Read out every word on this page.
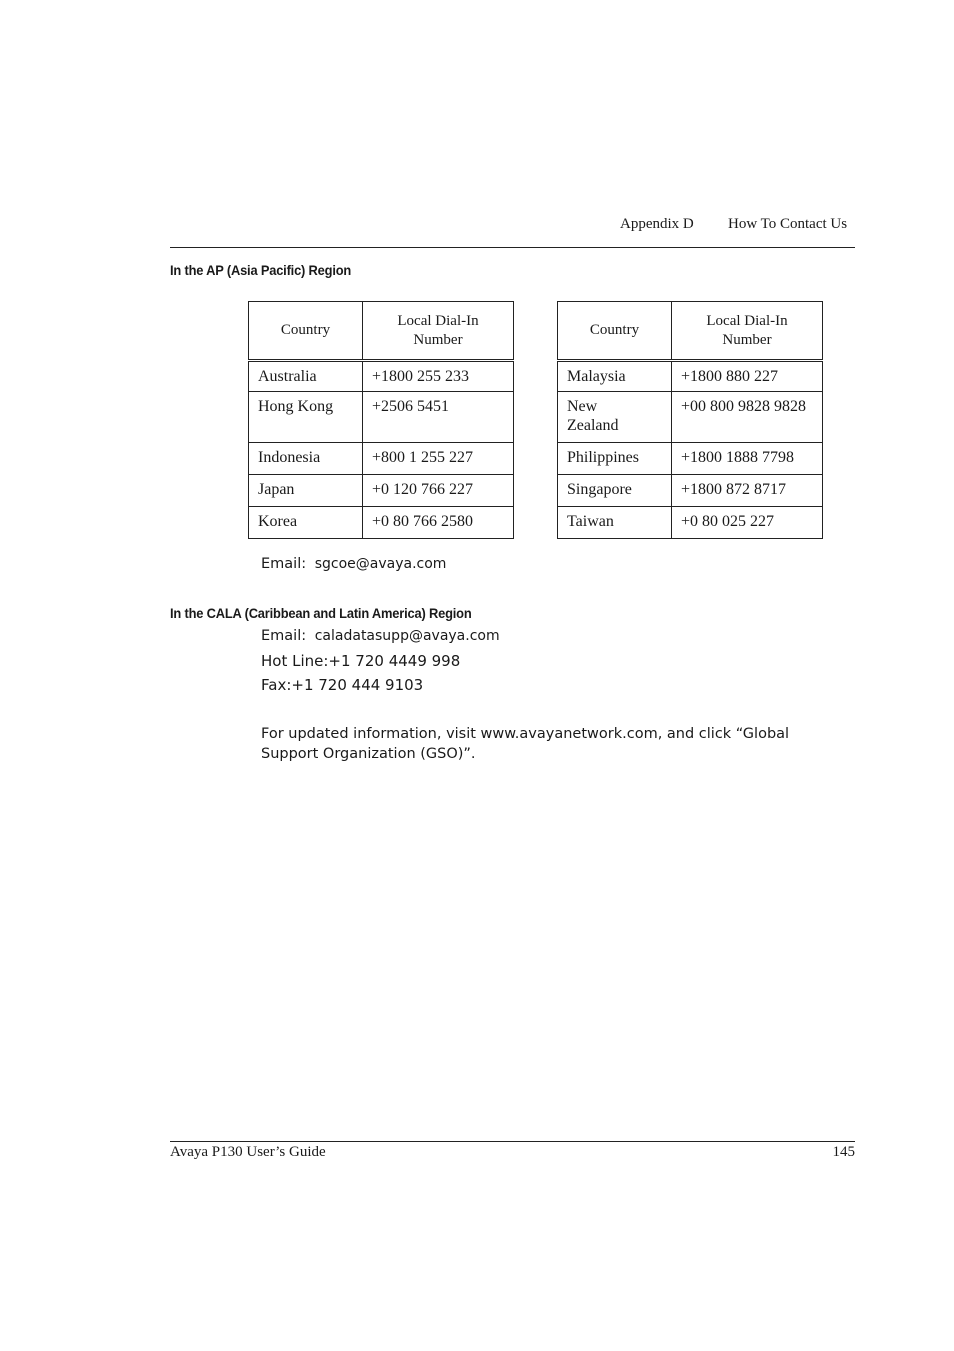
Appendix D How To Contact Us
In the AP (Asia Pacific) Region
Country	Local Dial-In
Number

Australia	+1800 255 233
Hong Kong	+2506 5451
Indonesia	+800 1 255 227
Japan	+0 120 766 227
Korea	+0 80 766 2580
Country	Local Dial-In
Number

Malaysia	+1800 880 227
New Zealand	+00 800 9828 9828
Philippines	+1800 1888 7798
Singapore	+1800 872 8717
Taiwan	+0 80 025 227
Email: sgcoe@avaya.com
In the CALA (Caribbean and Latin America) Region
Email: caladatasupp@avaya.com
Hot Line:+1 720 4449 998
Fax:+1 720 444 9103
For updated information, visit www.avayanetwork.com, and click “Global Support Organization (GSO)”.
Avaya P130 User’s Guide	145
